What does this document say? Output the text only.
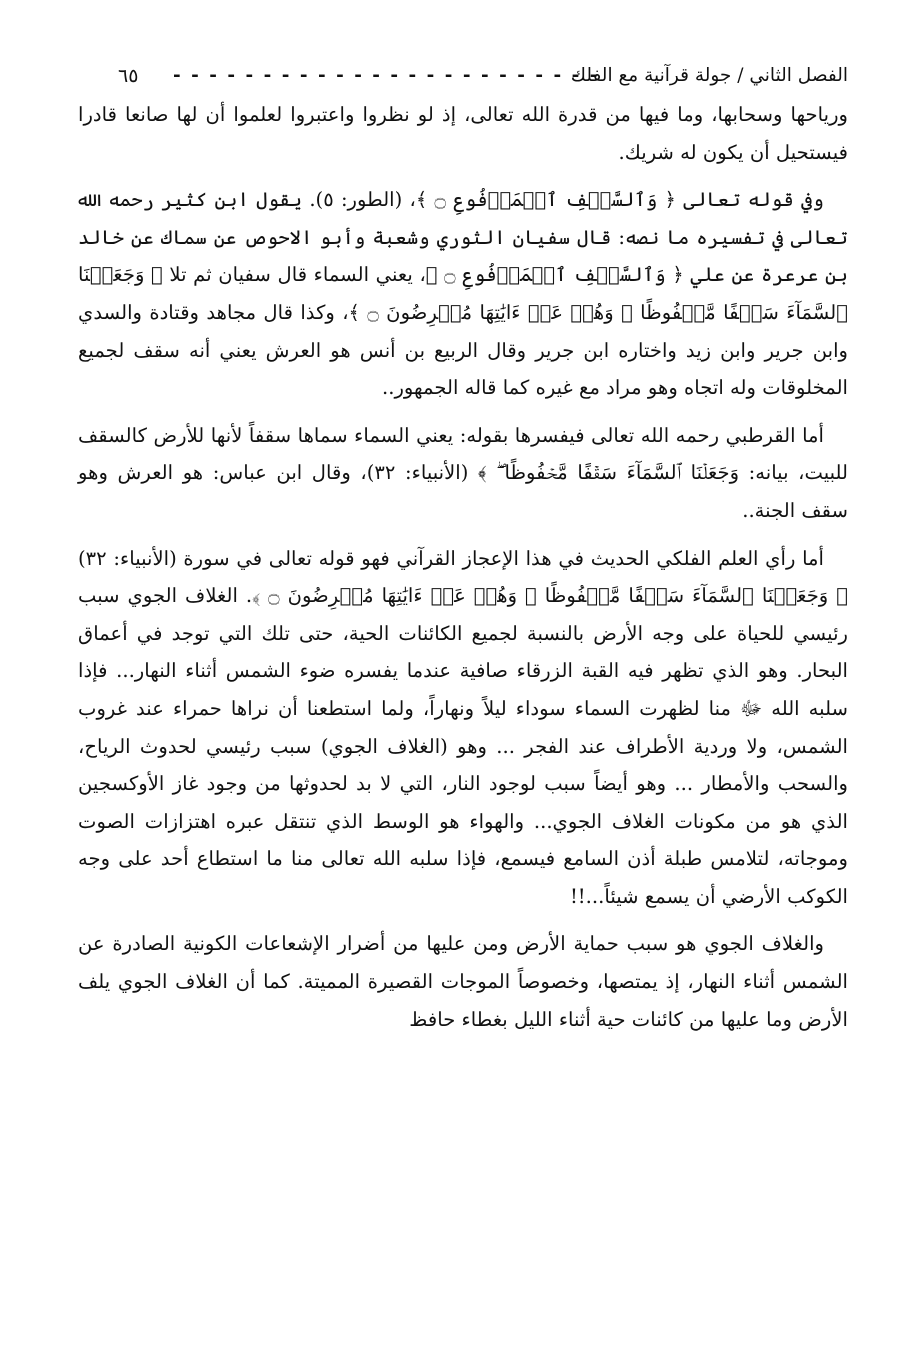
الفصل الثاني / جولة قرآنية مع الفلك
- - - - - - - - - - - - - - - - - - - - - - - -
٦٥

ورياحها وسحابها، وما فيها من قدرة الله تعالى، إذ لو نظروا واعتبروا لعلموا أن لها صانعا قادرا فيستحيل أن يكون له شريك.

وفي قوله تعالى ﴿ وَٱلسَّقۡفِ ٱلۡمَرۡفُوعِ ۝ ﴾، (الطور: ٥). يقول ابن كثير رحمه الله تعالى في تفسيره ما نصه: قال سفيان الثوري وشعبة وأبو الاحوص عن سماك عن خالد بن عرعرة عن علي ﴿ وَٱلسَّقۡفِ ٱلۡمَرۡفُوعِ ۝ ﴾، يعني السماء قال سفيان ثم تلا ﴿ وَجَعَلۡنَا ٱلسَّمَآءَ سَقۡفًا مَّحۡفُوظًا ۖ وَهُمۡ عَنۡ ءَايَٰتِهَا مُعۡرِضُونَ ۝ ﴾، وكذا قال مجاهد وقتادة والسدي وابن جرير وابن زيد واختاره ابن جرير وقال الربيع بن أنس هو العرش يعني أنه سقف لجميع المخلوقات وله اتجاه وهو مراد مع غيره كما قاله الجمهور..

أما القرطبي رحمه الله تعالى فيفسرها بقوله: يعني السماء سماها سقفاً لأنها للأرض كالسقف للبيت، بيانه: وَجَعَلۡنَا ٱلسَّمَآءَ سَقۡفًا مَّحۡفُوظًا ۖ ﴾ (الأنبياء: ٣٢)، وقال ابن عباس: هو العرش وهو سقف الجنة..

أما رأي العلم الفلكي الحديث في هذا الإعجاز القرآني فهو قوله تعالى في سورة (الأنبياء: ٣٢) ﴿ وَجَعَلۡنَا ٱلسَّمَآءَ سَقۡفًا مَّحۡفُوظًا ۖ وَهُمۡ عَنۡ ءَايَٰتِهَا مُعۡرِضُونَ ۝ ﴾. الغلاف الجوي سبب رئيسي للحياة على وجه الأرض بالنسبة لجميع الكائنات الحية، حتى تلك التي توجد في أعماق البحار. وهو الذي تظهر فيه القبة الزرقاء صافية عندما يفسره ضوء الشمس أثناء النهار... فإذا سلبه الله ﷻ منا لظهرت السماء سوداء ليلاً ونهاراً، ولما استطعنا أن نراها حمراء عند غروب الشمس، ولا وردية الأطراف عند الفجر ... وهو (الغلاف الجوي) سبب رئيسي لحدوث الرياح، والسحب والأمطار ... وهو أيضاً سبب لوجود النار، التي لا بد لحدوثها من وجود غاز الأوكسجين الذي هو من مكونات الغلاف الجوي... والهواء هو الوسط الذي تنتقل عبره اهتزازات الصوت وموجاته، لتلامس طبلة أذن السامع فيسمع، فإذا سلبه الله تعالى منا ما استطاع أحد على وجه الكوكب الأرضي أن يسمع شيئاً...!!

والغلاف الجوي هو سبب حماية الأرض ومن عليها من أضرار الإشعاعات الكونية الصادرة عن الشمس أثناء النهار، إذ يمتصها، وخصوصاً الموجات القصيرة المميتة. كما أن الغلاف الجوي يلف الأرض وما عليها من كائنات حية أثناء الليل بغطاء حافظ
